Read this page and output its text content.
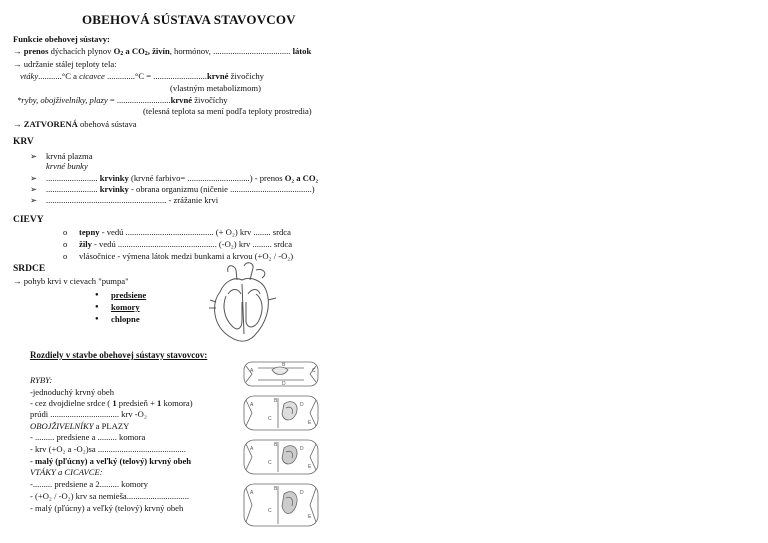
OBEHOVÁ SÚSTAVA STAVOVCOV
Funkcie obehovej sústavy:
→ prenos dýchacích plynov O2 a CO2, živín, hormónov, .................................... látok
→ udržanie stálej teploty tela:
vtáky...........°C a cicavce .............°C = .........................krvné živočíchy
(vlastným metabolizmom)
*ryby, obojživelníky, plazy = .........................krvné živočíchy
(telesná teplota sa mení podľa teploty prostredia)
→ ZATVORENÁ obehová sústava
KRV
➢ krvná plazma
krvné bunky
➢ ........................ krvinky (krvné farbivo= .............................) - prenos O₂ a CO₂
➢ ........................ krvinky - obrana organizmu (ničenie ......................................)
➢ ........................................................ - zrážanie krvi
CIEVY
o tepny - vedú ......................................... (+ O₂) krv ........ srdca
o žily - vedú .............................................. (-O₂) krv ......... srdca
o vlásočnice - výmena látok medzi bunkami a krvou (+O₂ / -O₂)
SRDCE
→ pohyb krvi v cievach "pumpa"
● predsiene
● komory
● chlopne
Rozdiely v stavbe obehovej sústavy stavovcov:
RYBY:
-jednoduchý krvný obeh
- cez dvojdielne srdce ( 1 predsieň + 1 komora)
prúdi ................................ krv -O₂
OBOJŽIVELNÍKY a PLAZY
- ......... predsiene a ......... komora
- krv (+O₂ a -O₂)sa .........................................
- malý (pľúcny) a veľký (telový) krvný obeh
VTÁKY a CICAVCE:
-......... predsiene a 2......... komory
- (+O₂ / -O₂) krv sa nemieša.............................
- malý (pľúcny) a veľký (telový) krvný obeh
A
B
C
D
A
B
C
D
E
A
B
C
D
E
A
B
C
D
E
